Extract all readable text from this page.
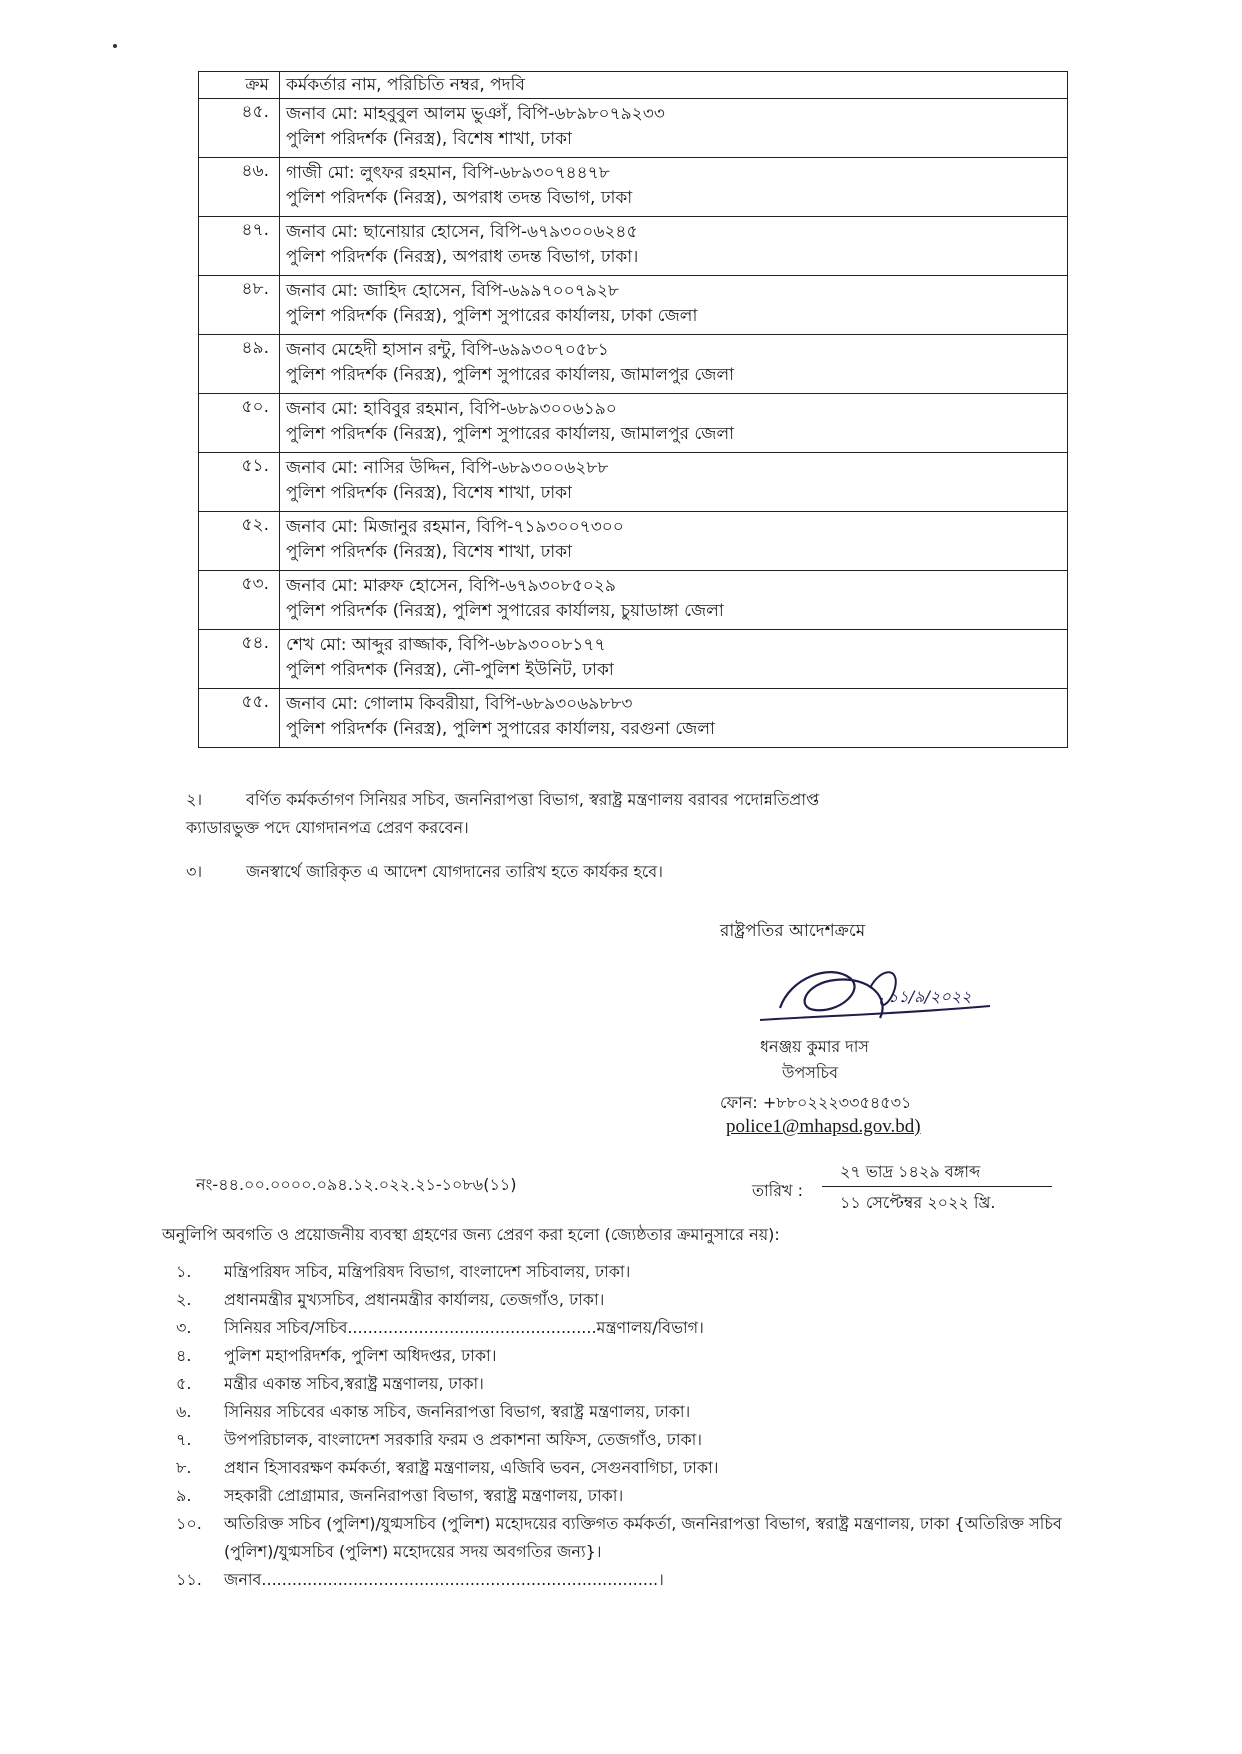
ক্রম	কর্মকর্তার নাম, পরিচিতি নম্বর, পদবি
৪৫.	জনাব মো: মাহবুবুল আলম ভুঞাঁ, বিপি-৬৮৯৮০৭৯২৩৩
পুলিশ পরিদর্শক (নিরস্ত্র), বিশেষ শাখা, ঢাকা

৪৬.	গাজী মো: লুৎফর রহমান, বিপি-৬৮৯৩০৭৪৪৭৮
পুলিশ পরিদর্শক (নিরস্ত্র), অপরাধ তদন্ত বিভাগ, ঢাকা

৪৭.	জনাব মো: ছানোয়ার হোসেন, বিপি-৬৭৯৩০০৬২৪৫
পুলিশ পরিদর্শক (নিরস্ত্র), অপরাধ তদন্ত বিভাগ, ঢাকা।

৪৮.	জনাব মো: জাহিদ হোসেন, বিপি-৬৯৯৭০০৭৯২৮
পুলিশ পরিদর্শক (নিরস্ত্র), পুলিশ সুপারের কার্যালয়, ঢাকা জেলা

৪৯.	জনাব মেহেদী হাসান রন্টু, বিপি-৬৯৯৩০৭০৫৮১
পুলিশ পরিদর্শক (নিরস্ত্র), পুলিশ সুপারের কার্যালয়, জামালপুর জেলা

৫০.	জনাব মো: হাবিবুর রহমান, বিপি-৬৮৯৩০০৬১৯০
পুলিশ পরিদর্শক (নিরস্ত্র), পুলিশ সুপারের কার্যালয়, জামালপুর জেলা

৫১.	জনাব মো: নাসির উদ্দিন, বিপি-৬৮৯৩০০৬২৮৮
পুলিশ পরিদর্শক (নিরস্ত্র), বিশেষ শাখা, ঢাকা

৫২.	জনাব মো: মিজানুর রহমান, বিপি-৭১৯৩০০৭৩০০
পুলিশ পরিদর্শক (নিরস্ত্র), বিশেষ শাখা, ঢাকা

৫৩.	জনাব মো: মারুফ হোসেন, বিপি-৬৭৯৩০৮৫০২৯
পুলিশ পরিদর্শক (নিরস্ত্র), পুলিশ সুপারের কার্যালয়, চুয়াডাঙ্গা জেলা

৫৪.	শেখ মো: আব্দুর রাজ্জাক, বিপি-৬৮৯৩০০৮১৭৭
পুলিশ পরিদশক (নিরস্ত্র), নৌ-পুলিশ ইউনিট, ঢাকা

৫৫.	জনাব মো: গোলাম কিবরীয়া, বিপি-৬৮৯৩০৬৯৮৮৩
পুলিশ পরিদর্শক (নিরস্ত্র), পুলিশ সুপারের কার্যালয়, বরগুনা জেলা
২।	বর্ণিত কর্মকর্তাগণ সিনিয়র সচিব, জননিরাপত্তা বিভাগ, স্বরাষ্ট্র মন্ত্রণালয় বরাবর পদোন্নতিপ্রাপ্ত
ক্যাডারভুক্ত পদে যোগদানপত্র প্রেরণ করবেন।
৩।	জনস্বার্থে জারিকৃত এ আদেশ যোগদানের তারিখ হতে কার্যকর হবে।
রাষ্ট্রপতির আদেশক্রমে
১১/৯/২০২২
ধনঞ্জয় কুমার দাস
উপসচিব
ফোন: +৮৮০২২২৩৩৫৪৫৩১
police1@mhapsd.gov.bd)
নং-৪৪.০০.০০০০.০৯৪.১২.০২২.২১-১০৮৬(১১)	তারিখ :
২৭ ভাদ্র ১৪২৯ বঙ্গাব্দ
১১ সেপ্টেম্বর ২০২২ খ্রি.
অনুলিপি অবগতি ও প্রয়োজনীয় ব্যবস্থা গ্রহণের জন্য প্রেরণ করা হলো (জ্যেষ্ঠতার ক্রমানুসারে নয়):
১.	মন্ত্রিপরিষদ সচিব, মন্ত্রিপরিষদ বিভাগ, বাংলাদেশ সচিবালয়, ঢাকা।
২.	প্রধানমন্ত্রীর মুখ্যসচিব, প্রধানমন্ত্রীর কার্যালয়, তেজগাঁও, ঢাকা।
৩.	সিনিয়র সচিব/সচিব.................................................মন্ত্রণালয়/বিভাগ।
৪.	পুলিশ মহাপরিদর্শক, পুলিশ অধিদপ্তর, ঢাকা।
৫.	মন্ত্রীর একান্ত সচিব,স্বরাষ্ট্র মন্ত্রণালয়, ঢাকা।
৬.	সিনিয়র সচিবের একান্ত সচিব, জননিরাপত্তা বিভাগ, স্বরাষ্ট্র মন্ত্রণালয়, ঢাকা।
৭.	উপপরিচালক, বাংলাদেশ সরকারি ফরম ও প্রকাশনা অফিস, তেজগাঁও, ঢাকা।
৮.	প্রধান হিসাবরক্ষণ কর্মকর্তা, স্বরাষ্ট্র মন্ত্রণালয়, এজিবি ভবন, সেগুনবাগিচা, ঢাকা।
৯.	সহকারী প্রোগ্রামার, জননিরাপত্তা বিভাগ, স্বরাষ্ট্র মন্ত্রণালয়, ঢাকা।
১০.	অতিরিক্ত সচিব (পুলিশ)/যুগ্মসচিব (পুলিশ) মহোদয়ের ব্যক্তিগত কর্মকর্তা, জননিরাপত্তা বিভাগ, স্বরাষ্ট্র মন্ত্রণালয়, ঢাকা {অতিরিক্ত সচিব (পুলিশ)/যুগ্মসচিব (পুলিশ) মহোদয়ের সদয় অবগতির জন্য}।
১১.	জনাব..............................................................................।
